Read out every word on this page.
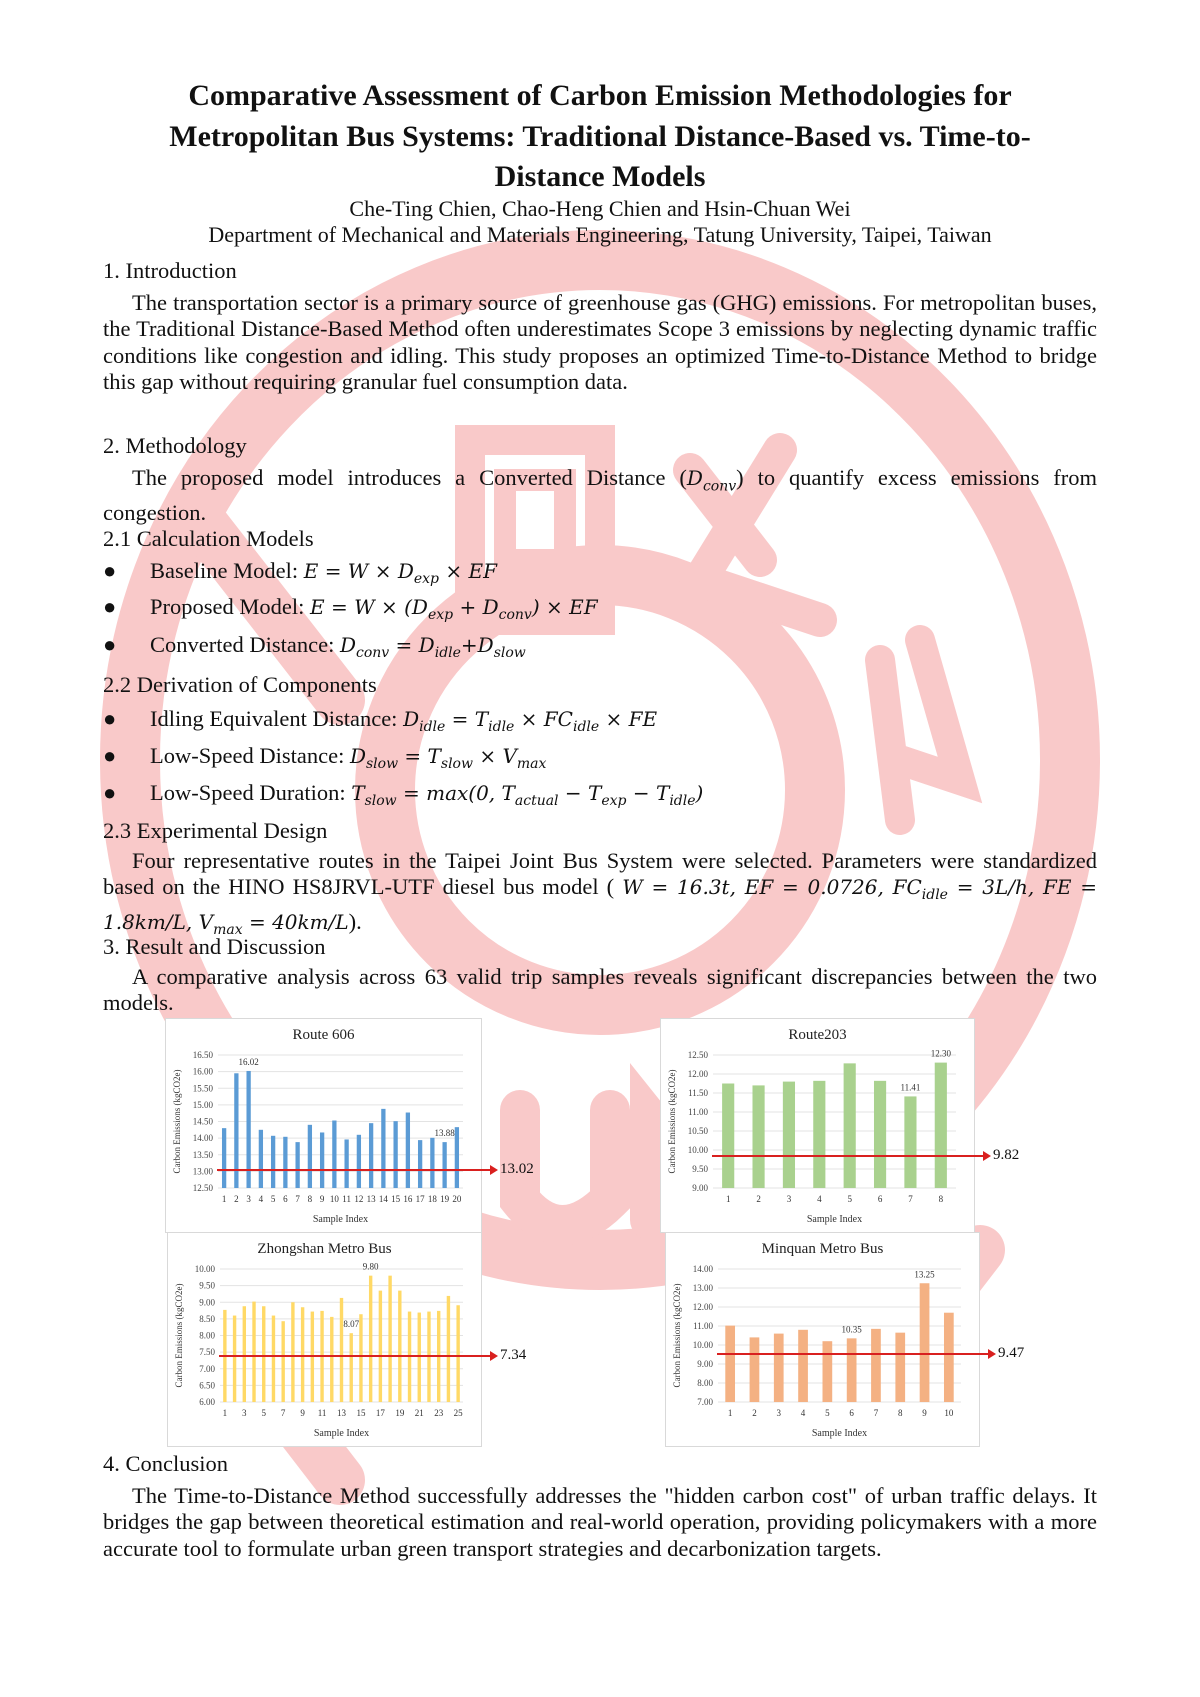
Comparative Assessment of Carbon Emission Methodologies for
Metropolitan Bus Systems: Traditional Distance-Based vs. Time-to-
Distance Models
Che-Ting Chien, Chao-Heng Chien and Hsin-Chuan Wei
Department of Mechanical and Materials Engineering, Tatung University, Taipei, Taiwan
1. Introduction
The transportation sector is a primary source of greenhouse gas (GHG) emissions. For metropolitan buses, the Traditional Distance-Based Method often underestimates Scope 3 emissions by neglecting dynamic traffic conditions like congestion and idling. This study proposes an optimized Time-to-Distance Method to bridge this gap without requiring granular fuel consumption data.
2. Methodology
The proposed model introduces a Converted Distance $(D_{conv})$ to quantify excess emissions from congestion.
2.1 Calculation Models
● Baseline Model: $E = W \times D_{exp}$ × EF
● Proposed Model: $E = W \times (D_{exp} + D_{conv})$ × EF
● Converted Distance: $D_{conv} = D_{idle}+D_{slow}$
2.2 Derivation of Components
● Idling Equivalent Distance: $D_{idle} = T_{idle} \times FC_{idle}$ × FE
● Low-Speed Distance: $D_{slow} = T_{slow} \times V_{max}$
● Low-Speed Duration: $T_{slow} = \max(0$, $T_{actual} - T_{exp} - T_{idle}$)
2.3 Experimental Design
Four representative routes in the Taipei Joint Bus System were selected. Parameters were standardized based on the HINO HS8JRVL-UTF diesel bus model ( W = 16.3t, EF = 0.0726, $FC_{idle} = 3L/h$, FE = 1.8km/L, $V_{max} = 40km/L$).
3. Result and Discussion
A comparative analysis across 63 valid trip samples reveals significant discrepancies between the two models.
4. Conclusion
The Time-to-Distance Method successfully addresses the "hidden carbon cost" of urban traffic delays. It bridges the gap between theoretical estimation and real-world operation, providing policymakers with a more accurate tool to formulate urban green transport strategies and decarbonization targets.
Route 606
12.50
13.00
13.50
14.00
14.50
15.00
15.50
16.00
16.50
1 2 3 4 5 6 7 8 9 10 11 12 13 14 15 16 17 18 19 20
16.02
13.88
Sample Index
Carbon Emissions (kgCO2e)	13.02
Route203
9.00
9.50
10.00
10.50
11.00
11.50
12.00
12.50
1	2	3	4	5	6	7	8
11.41
12.30
Sample Index
Carbon Emissions (kgCO2e)	9.82
Zhongshan Metro Bus
6.00
6.50
7.00
7.50
8.00
8.50
9.00
9.50
10.00
1 3 5 7 9 11 13 15 17 19 21 23 25
8.07
9.80
Sample Index
Carbon Emissions (kgCO2e)	7.34
Minquan Metro Bus
7.00
8.00
9.00
10.00
11.00
12.00
13.00
14.00
1 2 3 4 5 6 7 8 9 10
10.35
13.25
Sample Index
Carbon Emissions (kgCO2e)	9.47
